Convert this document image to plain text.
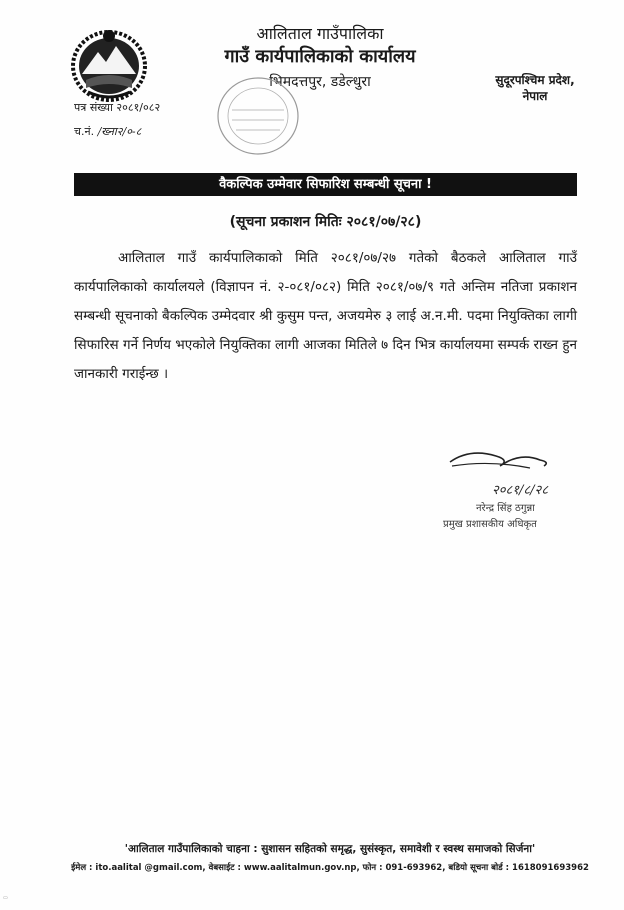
आलिताल गाउँपालिका
गाउँ कार्यपालिकाको कार्यालय
भिमदत्तपुर, डडेल्धुरा	सुदूरपश्चिम प्रदेश,
नेपाल
पत्र संख्या २०८१/०८२
च.नं. /ख्ना२/०-८
वैकल्पिक उम्मेवार सिफारिश सम्बन्धी सूचना !
(सूचना प्रकाशन मितिः २०८१/०७/२८)
आलिताल गाउँ कार्यपालिकाको मिति २०८१/०७/२७ गतेको बैठकले आलिताल गाउँ कार्यपालिकाको कार्यालयले (विज्ञापन नं. २-०८१/०८२) मिति २०८१/०७/९ गते अन्तिम नतिजा प्रकाशन सम्बन्धी सूचनाको बैकल्पिक उम्मेदवार श्री कुसुम पन्त, अजयमेरु ३ लाई अ.न.मी. पदमा नियुक्तिका लागी सिफारिस गर्ने निर्णय भएकोले नियुक्तिका लागी आजका मितिले ७ दिन भित्र कार्यालयमा सम्पर्क राख्न हुन जानकारी गराईन्छ ।
२०८१/८/२८
नरेन्द्र सिंह ठगुन्ना
प्रमुख प्रशासकीय अधिकृत
'आलिताल गाउँपालिकाको चाहना : सुशासन सहितको समृद्ध, सुसंस्कृत, समावेशी र स्वस्थ समाजको सिर्जना'
ईमेल : ito.aalital @gmail.com, वेबसाईट : www.aalitalmun.gov.np, फोन : 091-693962, बडियो सूचना बोर्ड : 1618091693962
▭
